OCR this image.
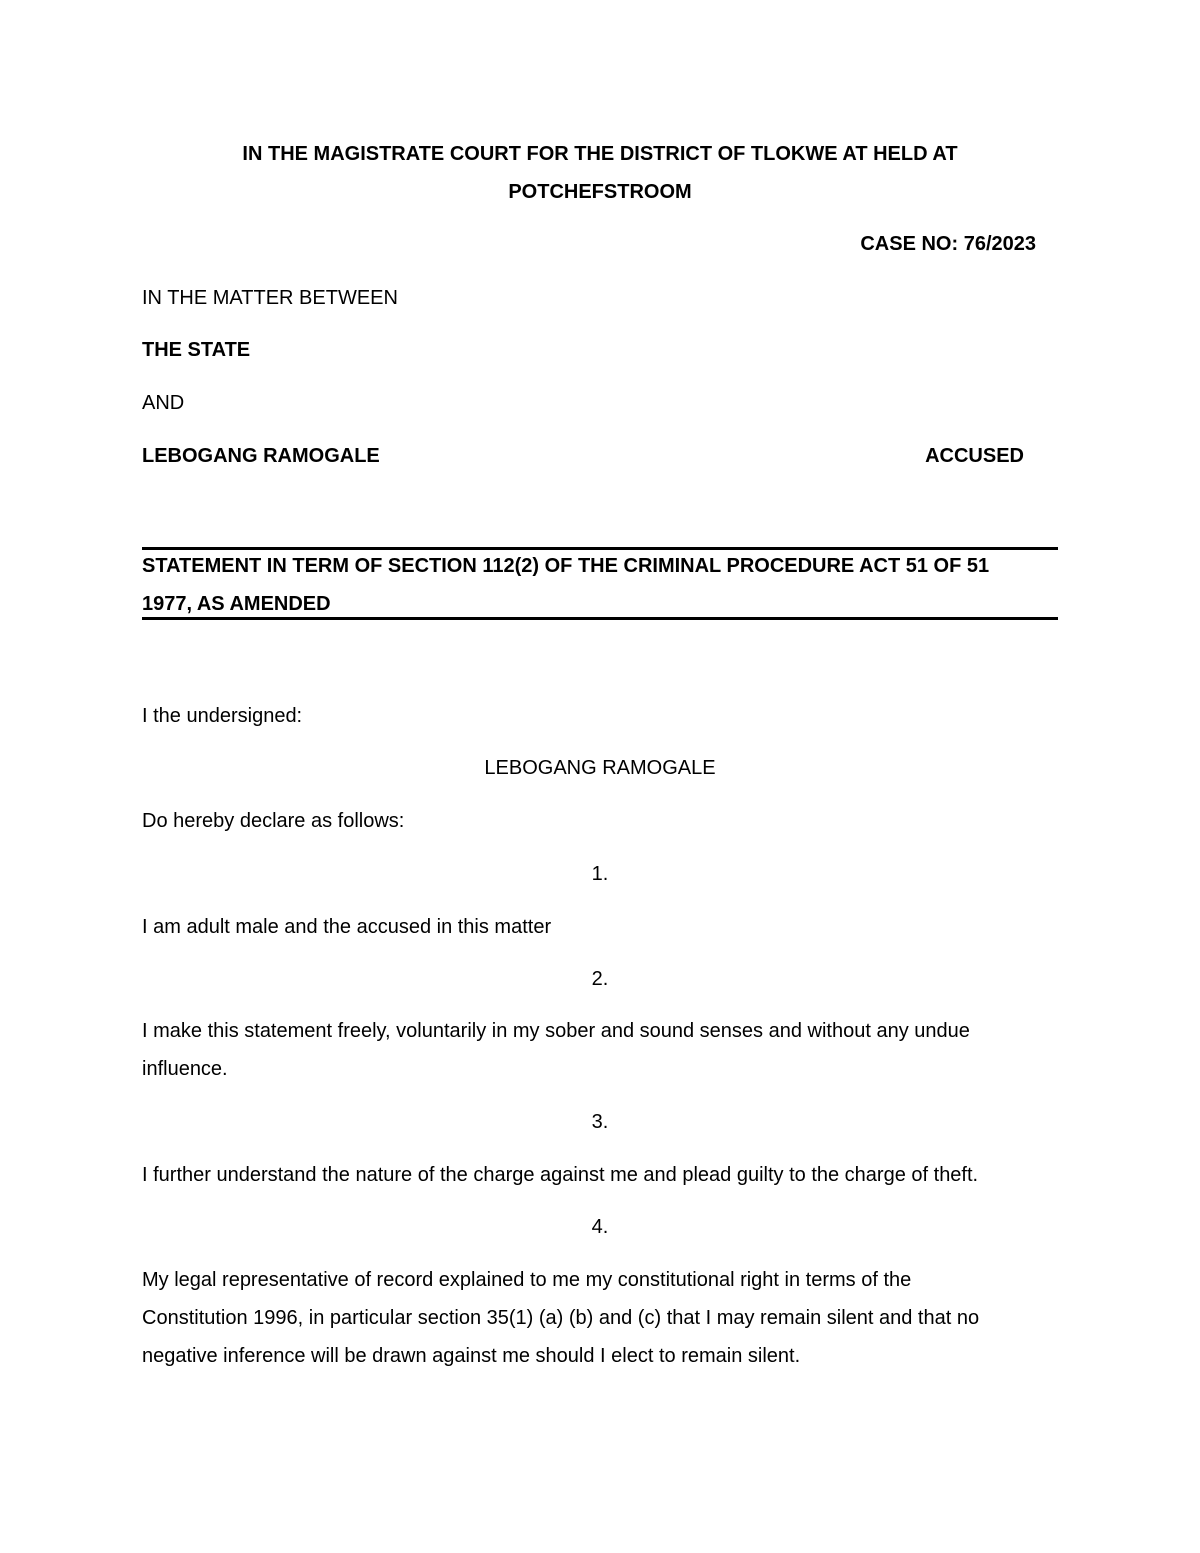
IN THE MAGISTRATE COURT FOR THE DISTRICT OF TLOKWE AT HELD AT
POTCHEFSTROOM
CASE NO: 76/2023
IN THE MATTER BETWEEN
THE STATE
AND
LEBOGANG RAMOGALE	ACCUSED
STATEMENT IN TERM OF SECTION 112(2) OF THE CRIMINAL PROCEDURE ACT 51 OF 51
1977, AS AMENDED
I the undersigned:
LEBOGANG RAMOGALE
Do hereby declare as follows:
1.
I am adult male and the accused in this matter
2.
I make this statement freely, voluntarily in my sober and sound senses and without any undue
influence.
3.
I further understand the nature of the charge against me and plead guilty to the charge of theft.
4.
My legal representative of record explained to me my constitutional right in terms of the
Constitution 1996, in particular section 35(1) (a) (b) and (c) that I may remain silent and that no
negative inference will be drawn against me should I elect to remain silent.
